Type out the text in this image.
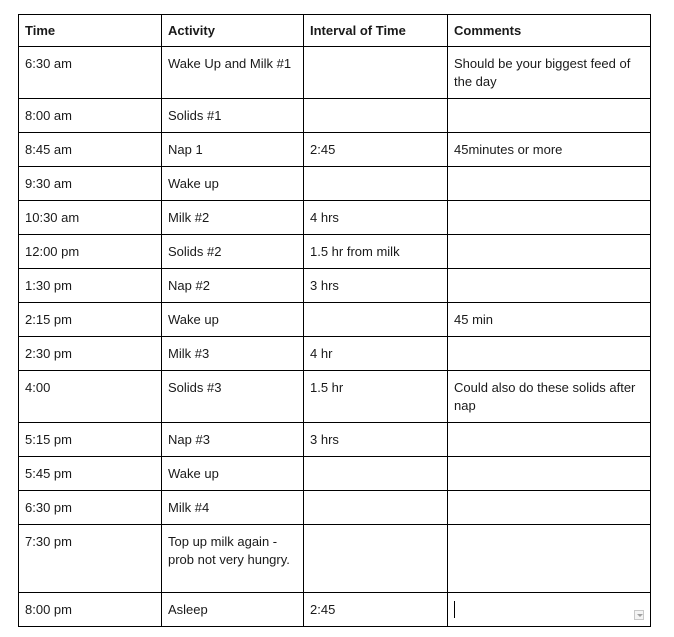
Time	Activity	Interval of Time	Comments
6:30 am	Wake Up and Milk #1		Should be your biggest feed of the day
8:00 am	Solids #1		
8:45 am	Nap 1	2:45	45minutes or more
9:30 am	Wake up		
10:30 am	Milk #2	4 hrs	
12:00 pm	Solids #2	1.5 hr from milk	
1:30 pm	Nap #2	3 hrs	
2:15 pm	Wake up		45 min
2:30 pm	Milk #3	4 hr	
4:00	Solids #3	1.5 hr	Could also do these solids after nap
5:15 pm	Nap #3	3 hrs	
5:45 pm	Wake up		
6:30 pm	Milk #4		
7:30 pm	Top up milk again - prob not very hungry.		
8:00 pm	Asleep	2:45	
